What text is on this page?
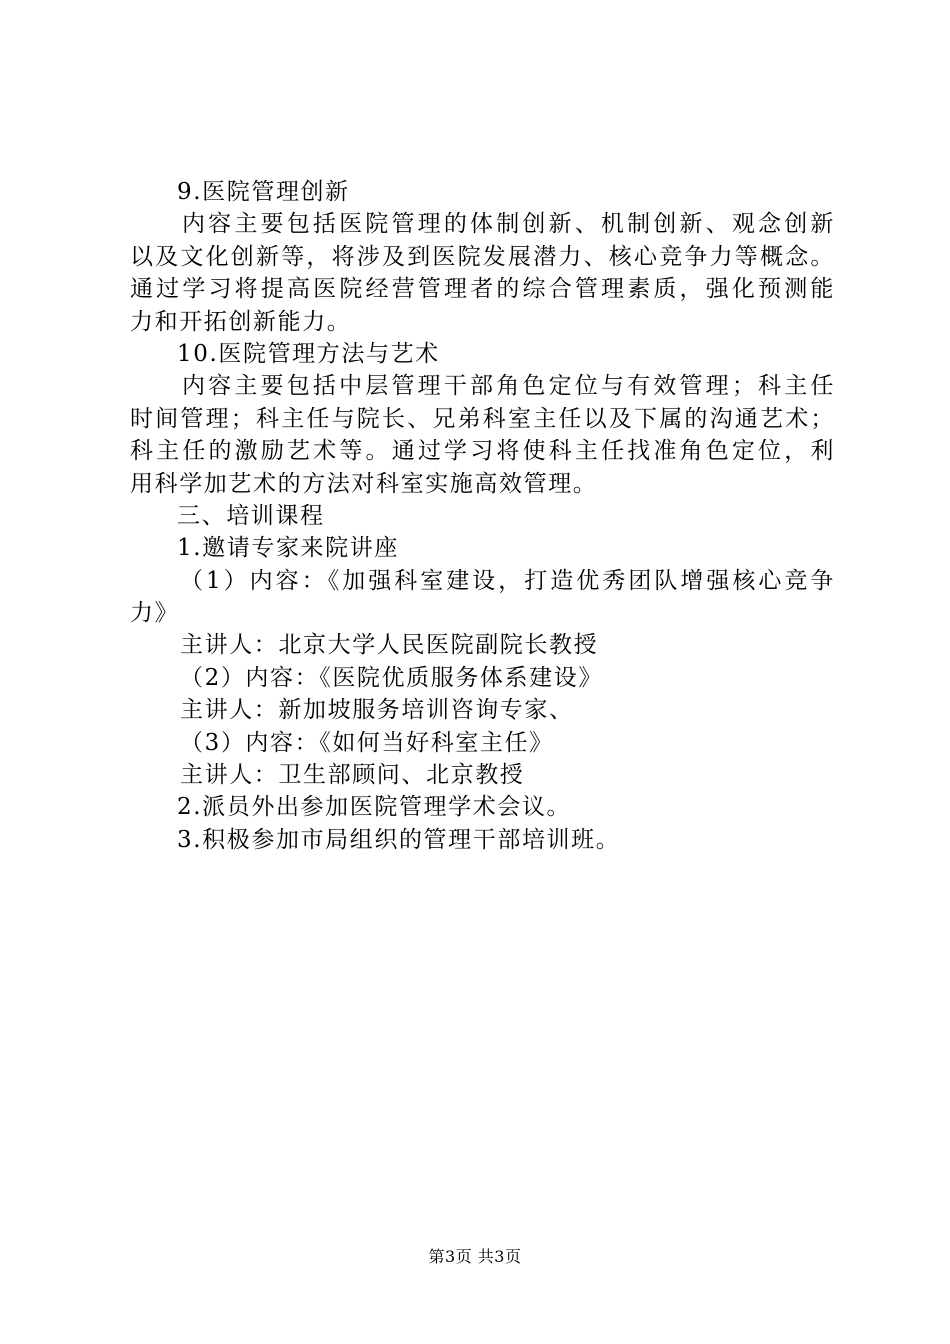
9.医院管理创新
内容主要包括医院管理的体制创新、机制创新、观念创新
以及文化创新等，将涉及到医院发展潜力、核心竞争力等概念。
通过学习将提高医院经营管理者的综合管理素质，强化预测能
力和开拓创新能力。
10.医院管理方法与艺术
内容主要包括中层管理干部角色定位与有效管理；科主任
时间管理；科主任与院长、兄弟科室主任以及下属的沟通艺术；
科主任的激励艺术等。通过学习将使科主任找准角色定位，利
用科学加艺术的方法对科室实施高效管理。
三、培训课程
1.邀请专家来院讲座
（1）内容：《加强科室建设，打造优秀团队增强核心竞争
力》
主讲人：北京大学人民医院副院长教授
（2）内容：《医院优质服务体系建设》
主讲人：新加坡服务培训咨询专家、
（3）内容：《如何当好科室主任》
主讲人：卫生部顾问、北京教授
2.派员外出参加医院管理学术会议。
3.积极参加市局组织的管理干部培训班。
第3页 共3页
